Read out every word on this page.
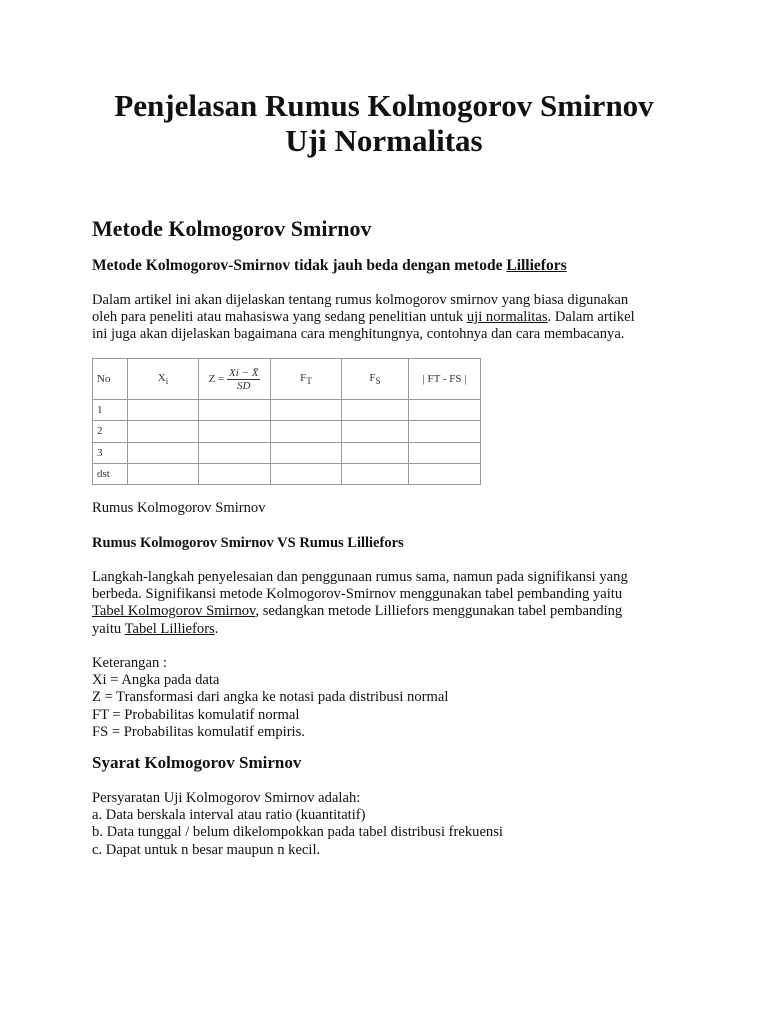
Penjelasan Rumus Kolmogorov Smirnov
Uji Normalitas
Metode Kolmogorov Smirnov
Metode Kolmogorov-Smirnov tidak jauh beda dengan metode Lilliefors
Dalam artikel ini akan dijelaskan tentang rumus kolmogorov smirnov yang biasa digunakan
oleh para peneliti atau mahasiswa yang sedang penelitian untuk uji normalitas. Dalam artikel
ini juga akan dijelaskan bagaimana cara menghitungnya, contohnya dan cara membacanya.
No	$X_i$	$Z = \frac{Xi - X̄}{SD}$	$F_T$	$F_S$	| FT - FS |
1					
2					
3					
dst					
Rumus Kolmogorov Smirnov
Rumus Kolmogorov Smirnov VS Rumus Lilliefors
Langkah-langkah penyelesaian dan penggunaan rumus sama, namun pada signifikansi yang
berbeda. Signifikansi metode Kolmogorov-Smirnov menggunakan tabel pembanding yaitu
Tabel Kolmogorov Smirnov, sedangkan metode Lilliefors menggunakan tabel pembanding
yaitu Tabel Lilliefors.
Keterangan :
Xi = Angka pada data
Z = Transformasi dari angka ke notasi pada distribusi normal
FT = Probabilitas komulatif normal
FS = Probabilitas komulatif empiris.
Syarat Kolmogorov Smirnov
Persyaratan Uji Kolmogorov Smirnov adalah:
a. Data berskala interval atau ratio (kuantitatif)
b. Data tunggal / belum dikelompokkan pada tabel distribusi frekuensi
c. Dapat untuk n besar maupun n kecil.
